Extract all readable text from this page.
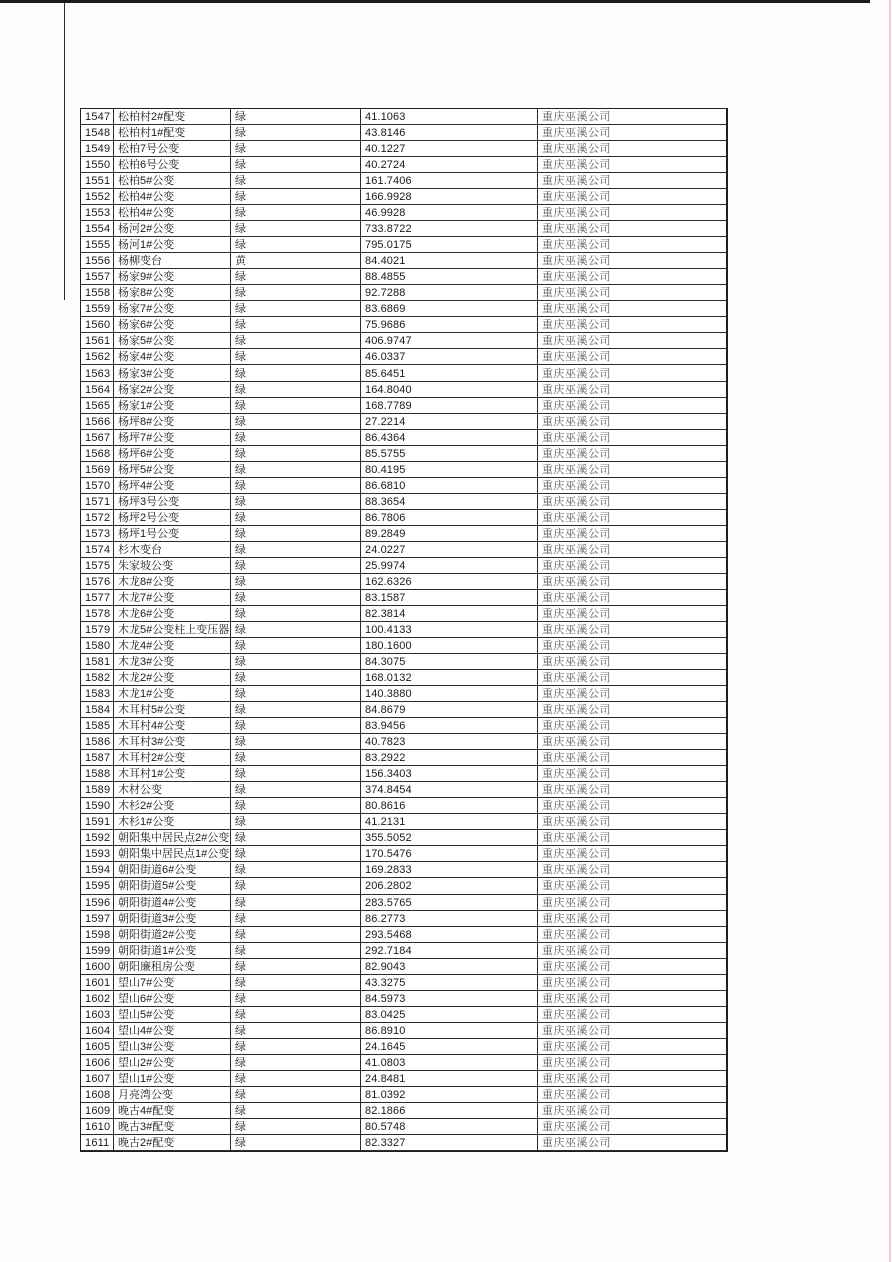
1547 松柏村2#配变	绿	41.1063	重庆巫溪公司
1548 松柏村1#配变	绿	43.8146	重庆巫溪公司
1549 松柏7号公变	绿	40.1227	重庆巫溪公司
1550 松柏6号公变	绿	40.2724	重庆巫溪公司
1551 松柏5#公变	绿	161.7406	重庆巫溪公司
1552 松柏4#公变	绿	166.9928	重庆巫溪公司
1553 松柏4#公变	绿	46.9928	重庆巫溪公司
1554 杨河2#公变	绿	733.8722	重庆巫溪公司
1555 杨河1#公变	绿	795.0175	重庆巫溪公司
1556 杨柳变台	黄	84.4021	重庆巫溪公司
1557 杨家9#公变	绿	88.4855	重庆巫溪公司
1558 杨家8#公变	绿	92.7288	重庆巫溪公司
1559 杨家7#公变	绿	83.6869	重庆巫溪公司
1560 杨家6#公变	绿	75.9686	重庆巫溪公司
1561 杨家5#公变	绿	406.9747	重庆巫溪公司
1562 杨家4#公变	绿	46.0337	重庆巫溪公司
1563 杨家3#公变	绿	85.6451	重庆巫溪公司
1564 杨家2#公变	绿	164.8040	重庆巫溪公司
1565 杨家1#公变	绿	168.7789	重庆巫溪公司
1566 杨坪8#公变	绿	27.2214	重庆巫溪公司
1567 杨坪7#公变	绿	86.4364	重庆巫溪公司
1568 杨坪6#公变	绿	85.5755	重庆巫溪公司
1569 杨坪5#公变	绿	80.4195	重庆巫溪公司
1570 杨坪4#公变	绿	86.6810	重庆巫溪公司
1571 杨坪3号公变	绿	88.3654	重庆巫溪公司
1572 杨坪2号公变	绿	86.7806	重庆巫溪公司
1573 杨坪1号公变	绿	89.2849	重庆巫溪公司
1574 杉木变台	绿	24.0227	重庆巫溪公司
1575 朱家坡公变	绿	25.9974	重庆巫溪公司
1576 木龙8#公变	绿	162.6326	重庆巫溪公司
1577 木龙7#公变	绿	83.1587	重庆巫溪公司
1578 木龙6#公变	绿	82.3814	重庆巫溪公司
1579 木龙5#公变柱上变压器 绿	100.4133	重庆巫溪公司
1580 木龙4#公变	绿	180.1600	重庆巫溪公司
1581 木龙3#公变	绿	84.3075	重庆巫溪公司
1582 木龙2#公变	绿	168.0132	重庆巫溪公司
1583 木龙1#公变	绿	140.3880	重庆巫溪公司
1584 木耳村5#公变	绿	84.8679	重庆巫溪公司
1585 木耳村4#公变	绿	83.9456	重庆巫溪公司
1586 木耳村3#公变	绿	40.7823	重庆巫溪公司
1587 木耳村2#公变	绿	83.2922	重庆巫溪公司
1588 木耳村1#公变	绿	156.3403	重庆巫溪公司
1589 木材公变	绿	374.8454	重庆巫溪公司
1590 木杉2#公变	绿	80.8616	重庆巫溪公司
1591 木杉1#公变	绿	41.2131	重庆巫溪公司
1592 朝阳集中居民点2#公变 绿	355.5052	重庆巫溪公司
1593 朝阳集中居民点1#公变 绿	170.5476	重庆巫溪公司
1594 朝阳街道6#公变	绿	169.2833	重庆巫溪公司
1595 朝阳街道5#公变	绿	206.2802	重庆巫溪公司
1596 朝阳街道4#公变	绿	283.5765	重庆巫溪公司
1597 朝阳街道3#公变	绿	86.2773	重庆巫溪公司
1598 朝阳街道2#公变	绿	293.5468	重庆巫溪公司
1599 朝阳街道1#公变	绿	292.7184	重庆巫溪公司
1600 朝阳廉租房公变	绿	82.9043	重庆巫溪公司
1601 望山7#公变	绿	43.3275	重庆巫溪公司
1602 望山6#公变	绿	84.5973	重庆巫溪公司
1603 望山5#公变	绿	83.0425	重庆巫溪公司
1604 望山4#公变	绿	86.8910	重庆巫溪公司
1605 望山3#公变	绿	24.1645	重庆巫溪公司
1606 望山2#公变	绿	41.0803	重庆巫溪公司
1607 望山1#公变	绿	24.8481	重庆巫溪公司
1608 月亮湾公变	绿	81.0392	重庆巫溪公司
1609 晚古4#配变	绿	82.1866	重庆巫溪公司
1610 晚古3#配变	绿	80.5748	重庆巫溪公司
1611 晚古2#配变	绿	82.3327	重庆巫溪公司
